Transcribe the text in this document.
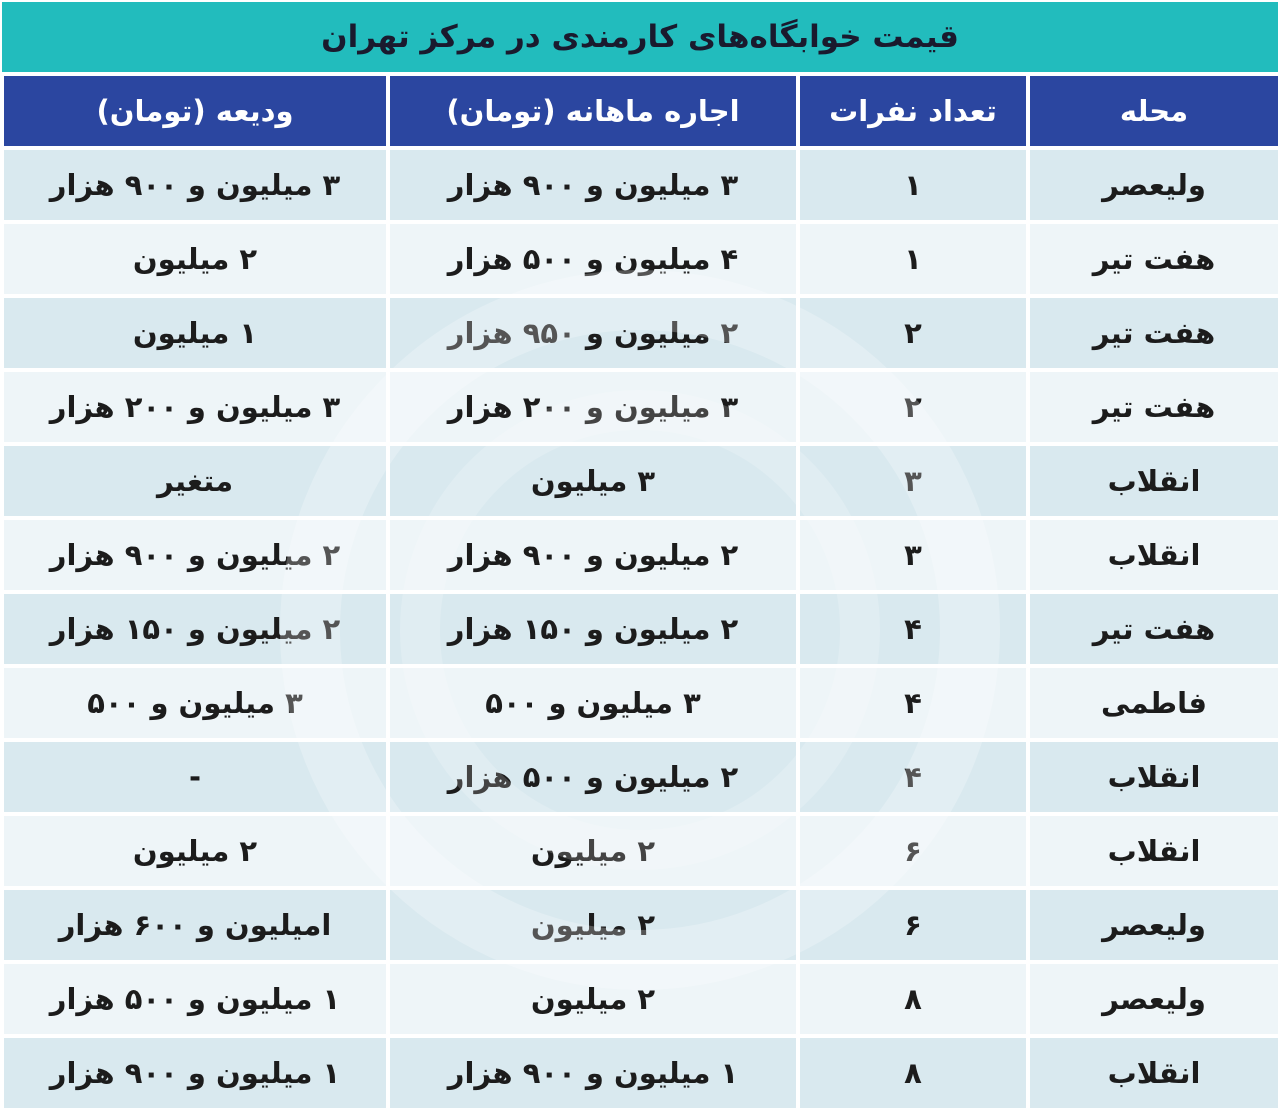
قیمت خوابگاه‌های کارمندی در مرکز تهران
محله
تعداد نفرات
اجاره ماهانه (تومان)
ودیعه (تومان)
ولیعصر
۱
۳ میلیون و ۹۰۰ هزار
۳ میلیون و ۹۰۰ هزار
هفت تیر
۱
۴ میلیون و ۵۰۰ هزار
۲ میلیون
هفت تیر
۲
۲ میلیون و ۹۵۰ هزار
۱ میلیون
هفت تیر
۲
۳ میلیون و ۲۰۰ هزار
۳ میلیون و ۲۰۰ هزار
انقلاب
۳
۳ میلیون
متغیر
انقلاب
۳
۲ میلیون و ۹۰۰ هزار
۲ میلیون و ۹۰۰ هزار
هفت تیر
۴
۲ میلیون و ۱۵۰ هزار
۲ میلیون و ۱۵۰ هزار
فاطمی
۴
۳ میلیون و ۵۰۰
۳ میلیون و ۵۰۰
انقلاب
۴
۲ میلیون و ۵۰۰ هزار
-
انقلاب
۶
۲ میلیون
۲ میلیون
ولیعصر
۶
۲ میلیون
امیلیون و ۶۰۰ هزار
ولیعصر
۸
۲ میلیون
۱ میلیون و ۵۰۰ هزار
انقلاب
۸
۱ میلیون و ۹۰۰ هزار
۱ میلیون و ۹۰۰ هزار
